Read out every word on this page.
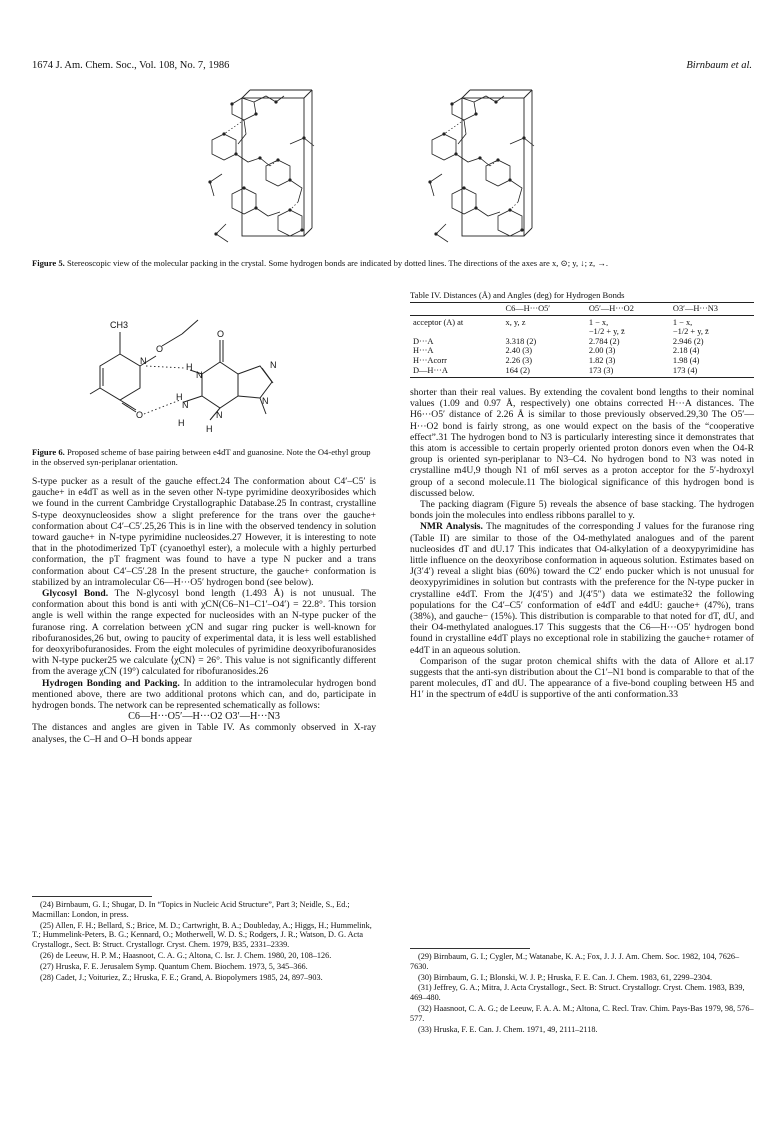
1674 J. Am. Chem. Soc., Vol. 108, No. 7, 1986	Birnbaum et al.
Figure 5. Stereoscopic view of the molecular packing in the crystal. Some hydrogen bonds are indicated by dotted lines. The directions of the axes are x, ⊙; y, ↓; z, →.
CH3
O
N
O
H
O
N
N
N
N
H
N
H
H
Figure 6. Proposed scheme of base pairing between e4dT and guanosine. Note the O4-ethyl group in the observed syn-periplanar orientation.
Table IV. Distances (Å) and Angles (deg) for Hydrogen Bonds
	C6—H···O5′	O5′—H···O2	O3′—H···N3
acceptor (A) at	x, y, z	1 − x,	1 − x,
		−1/2 + y, z̄	−1/2 + y, z̄
D···A	3.318 (2)	2.784 (2)	2.946 (2)
H···A	2.40 (3)	2.00 (3)	2.18 (4)
H···Acorr	2.26 (3)	1.82 (3)	1.98 (4)
D—H···A	164 (2)	173 (3)	173 (4)

S-type pucker as a result of the gauche effect.24 The conformation about C4′–C5′ is gauche+ in e4dT as well as in the seven other N-type pyrimidine deoxyribosides which we found in the current Cambridge Crystallographic Database.25 In contrast, crystalline S-type deoxynucleosides show a slight preference for the trans over the gauche+ conformation about C4′–C5′.25,26 This is in line with the observed tendency in solution toward gauche+ in N-type pyrimidine nucleosides.27 However, it is interesting to note that in the photodimerized TpT (cyanoethyl ester), a molecule with a highly perturbed conformation, the pT fragment was found to have a type N pucker and a trans conformation about C4′–C5′.28 In the present structure, the gauche+ conformation is stabilized by an intramolecular C6—H···O5′ hydrogen bond (see below).

Glycosyl Bond. The N-glycosyl bond length (1.493 Å) is not unusual. The conformation about this bond is anti with χCN(C6–N1–C1′–O4′) = 22.8°. This torsion angle is well within the range expected for nucleosides with an N-type pucker of the furanose ring. A correlation between χCN and sugar ring pucker is well-known for ribofuranosides,26 but, owing to paucity of experimental data, it is less well established for deoxyribofuranosides. From the eight molecules of pyrimidine deoxyribofuranosides with N-type pucker25 we calculate ⟨χCN⟩ = 26°. This value is not significantly different from the average χCN (19°) calculated for ribofuranosides.26

Hydrogen Bonding and Packing. In addition to the intramolecular hydrogen bond mentioned above, there are two additional protons which can, and do, participate in hydrogen bonds. The network can be represented schematically as follows:

C6—H···O5′—H···O2 O3′—H···N3

The distances and angles are given in Table IV. As commonly observed in X-ray analyses, the C–H and O–H bonds appear

shorter than their real values. By extending the covalent bond lengths to their nominal values (1.09 and 0.97 Å, respectively) one obtains corrected H···A distances. The H6···O5′ distance of 2.26 Å is similar to those previously observed.29,30 The O5′—H···O2 bond is fairly strong, as one would expect on the basis of the “cooperative effect”.31 The hydrogen bond to N3 is particularly interesting since it demonstrates that this atom is accessible to certain properly oriented proton donors even when the O4-R group is oriented syn-periplanar to N3–C4. No hydrogen bond to N3 was noted in crystalline m4U,9 though N1 of m6I serves as a proton acceptor for the 5′-hydroxyl group of a second molecule.11 The biological significance of this hydrogen bond is discussed below.

The packing diagram (Figure 5) reveals the absence of base stacking. The hydrogen bonds join the molecules into endless ribbons parallel to y.

NMR Analysis. The magnitudes of the corresponding J values for the furanose ring (Table II) are similar to those of the O4-methylated analogues and of the parent nucleosides dT and dU.17 This indicates that O4-alkylation of a deoxypyrimidine has little influence on the deoxyribose conformation in aqueous solution. Estimates based on J(3′4′) reveal a slight bias (60%) toward the C2′ endo pucker which is not unusual for deoxypyrimidines in solution but contrasts with the preference for the N-type pucker in crystalline e4dT. From the J(4′5′) and J(4′5″) data we estimate32 the following populations for the C4′–C5′ conformation of e4dT and e4dU: gauche+ (47%), trans (38%), and gauche− (15%). This distribution is comparable to that noted for dT, dU, and their O4-methylated analogues.17 This suggests that the C6—H···O5′ hydrogen bond found in crystalline e4dT plays no exceptional role in stabilizing the gauche+ rotamer of e4dT in an aqueous solution.

Comparison of the sugar proton chemical shifts with the data of Allore et al.17 suggests that the anti-syn distribution about the C1′–N1 bond is comparable to that of the parent molecules, dT and dU. The appearance of a five-bond coupling between H5 and H1′ in the spectrum of e4dU is supportive of the anti conformation.33

(24) Birnbaum, G. I.; Shugar, D. In “Topics in Nucleic Acid Structure”, Part 3; Neidle, S., Ed.; Macmillan: London, in press.

(25) Allen, F. H.; Bellard, S.; Brice, M. D.; Cartwright, B. A.; Doubleday, A.; Higgs, H.; Hummelink, T.; Hummelink-Peters, B. G.; Kennard, O.; Motherwell, W. D. S.; Rodgers, J. R.; Watson, D. G. Acta Crystallogr., Sect. B: Struct. Crystallogr. Cryst. Chem. 1979, B35, 2331–2339.

(26) de Leeuw, H. P. M.; Haasnoot, C. A. G.; Altona, C. Isr. J. Chem. 1980, 20, 108–126.

(27) Hruska, F. E. Jerusalem Symp. Quantum Chem. Biochem. 1973, 5, 345–366.

(28) Cadet, J.; Voituriez, Z.; Hruska, F. E.; Grand, A. Biopolymers 1985, 24, 897–903.

(29) Birnbaum, G. I.; Cygler, M.; Watanabe, K. A.; Fox, J. J. J. Am. Chem. Soc. 1982, 104, 7626–7630.

(30) Birnbaum, G. I.; Blonski, W. J. P.; Hruska, F. E. Can. J. Chem. 1983, 61, 2299–2304.

(31) Jeffrey, G. A.; Mitra, J. Acta Crystallogr., Sect. B: Struct. Crystallogr. Cryst. Chem. 1983, B39, 469–480.

(32) Haasnoot, C. A. G.; de Leeuw, F. A. A. M.; Altona, C. Recl. Trav. Chim. Pays-Bas 1979, 98, 576–577.

(33) Hruska, F. E. Can. J. Chem. 1971, 49, 2111–2118.
